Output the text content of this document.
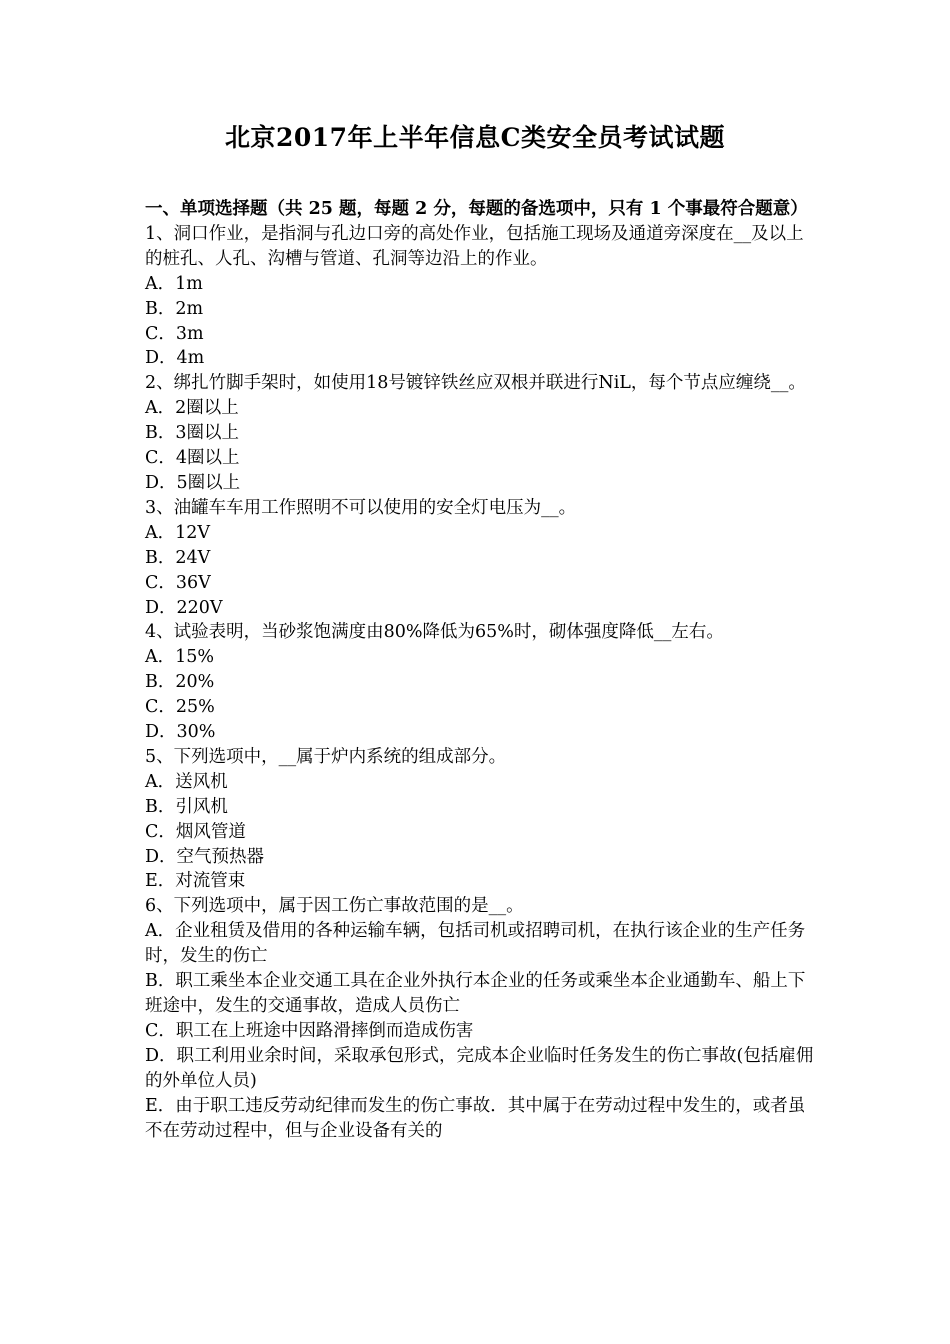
北京2017年上半年信息C类安全员考试试题
一、单项选择题（共 25 题，每题 2 分，每题的备选项中，只有 1 个事最符合题意）
1、洞口作业，是指洞与孔边口旁的高处作业，包括施工现场及通道旁深度在__及以上的桩孔、人孔、沟槽与管道、孔洞等边沿上的作业。
A．1m
B．2m
C．3m
D．4m
2、绑扎竹脚手架时，如使用18号镀锌铁丝应双根并联进行NiL，每个节点应缠绕__。
A．2圈以上
B．3圈以上
C．4圈以上
D．5圈以上
3、油罐车车用工作照明不可以使用的安全灯电压为__。
A．12V
B．24V
C．36V
D．220V
4、试验表明，当砂浆饱满度由80%降低为65%时，砌体强度降低__左右。
A．15%
B．20%
C．25%
D．30%
5、下列选项中，__属于炉内系统的组成部分。
A．送风机
B．引风机
C．烟风管道
D．空气预热器
E．对流管束
6、下列选项中，属于因工伤亡事故范围的是__。
A．企业租赁及借用的各种运输车辆，包括司机或招聘司机，在执行该企业的生产任务时，发生的伤亡
B．职工乘坐本企业交通工具在企业外执行本企业的任务或乘坐本企业通勤车、船上下班途中，发生的交通事故，造成人员伤亡
C．职工在上班途中因路滑摔倒而造成伤害
D．职工利用业余时间，采取承包形式，完成本企业临时任务发生的伤亡事故(包括雇佣的外单位人员)
E．由于职工违反劳动纪律而发生的伤亡事故．其中属于在劳动过程中发生的，或者虽不在劳动过程中，但与企业设备有关的
